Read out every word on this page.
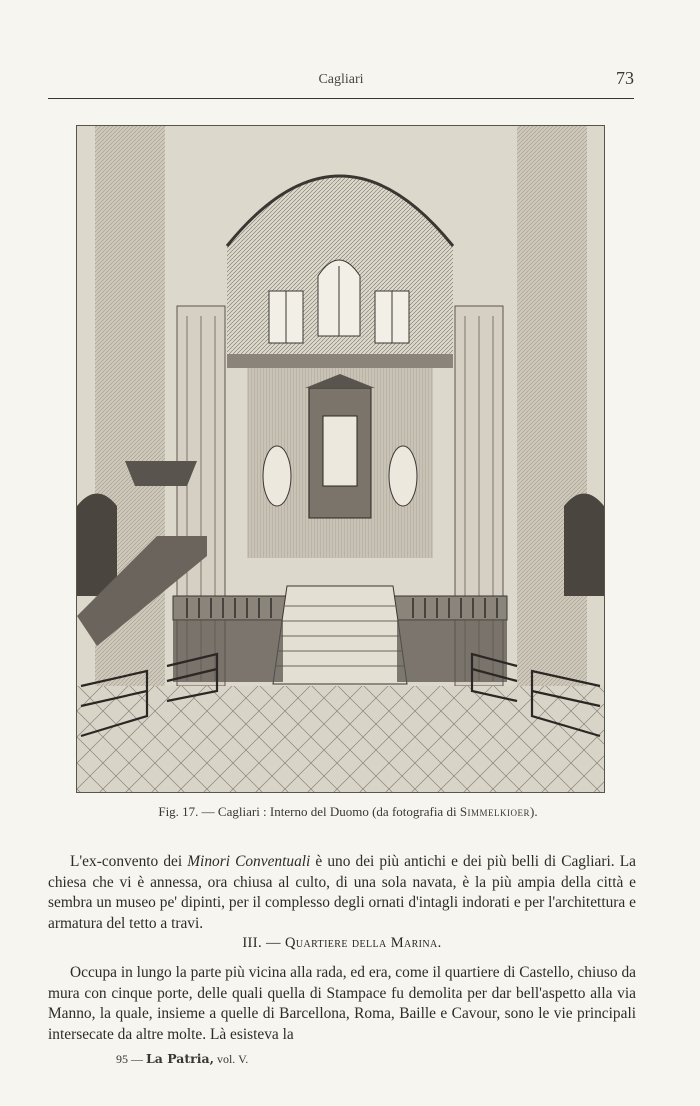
Cagliari	73
Fig. 17. — Cagliari : Interno del Duomo (da fotografia di Simmelkioer).
L'ex-convento dei Minori Conventuali è uno dei più antichi e dei più belli di Cagliari. La chiesa che vi è annessa, ora chiusa al culto, di una sola navata, è la più ampia della città e sembra un museo pe' dipinti, per il complesso degli ornati d'intagli indorati e per l'architettura e armatura del tetto a travi.
III. — Quartiere della Marina.
Occupa in lungo la parte più vicina alla rada, ed era, come il quartiere di Castello, chiuso da mura con cinque porte, delle quali quella di Stampace fu demolita per dar bell'aspetto alla via Manno, la quale, insieme a quelle di Barcellona, Roma, Baille e Cavour, sono le vie principali intersecate da altre molte. Là esisteva la
95 — La Patria, vol. V.
